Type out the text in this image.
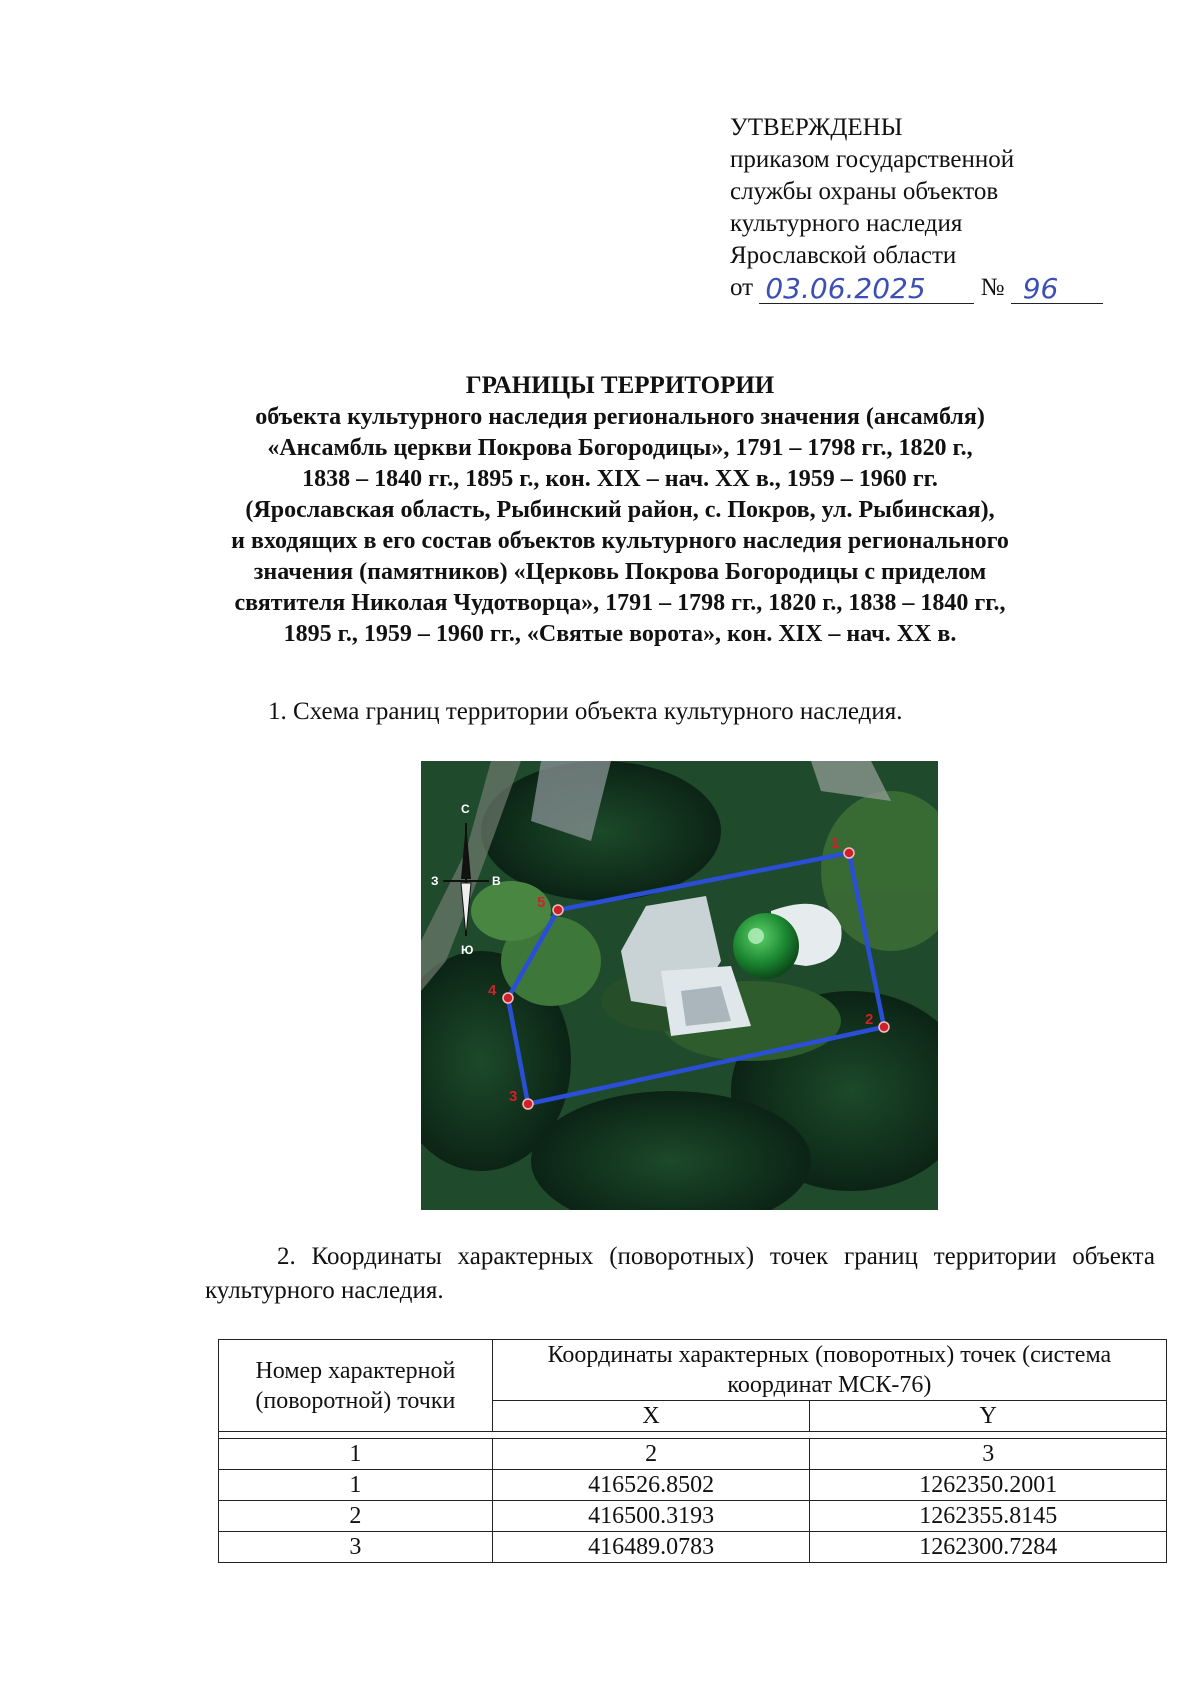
УТВЕРЖДЕНЫ
приказом государственной
службы охраны объектов
культурного наследия
Ярославской области
от 03.06.2025 № 96
ГРАНИЦЫ ТЕРРИТОРИИ
объекта культурного наследия регионального значения (ансамбля)
«Ансамбль церкви Покрова Богородицы», 1791 – 1798 гг., 1820 г.,
1838 – 1840 гг., 1895 г., кон. XIX – нач. XX в., 1959 – 1960 гг.
(Ярославская область, Рыбинский район, с. Покров, ул. Рыбинская),
и входящих в его состав объектов культурного наследия регионального
значения (памятников) «Церковь Покрова Богородицы с приделом
святителя Николая Чудотворца», 1791 – 1798 гг., 1820 г., 1838 – 1840 гг.,
1895 г., 1959 – 1960 гг., «Святые ворота», кон. XIX – нач. XX в.
1. Схема границ территории объекта культурного наследия.
1
2
3
4
5
С
Ю
З	В
2. Координаты характерных (поворотных) точек границ территории объекта культурного наследия.
Номер характерной (поворотной) точки	Координаты характерных (поворотных) точек (система координат МСК-76)	
	X	Y

1	2	3
1	416526.8502	1262350.2001
2	416500.3193	1262355.8145
3	416489.0783	1262300.7284
